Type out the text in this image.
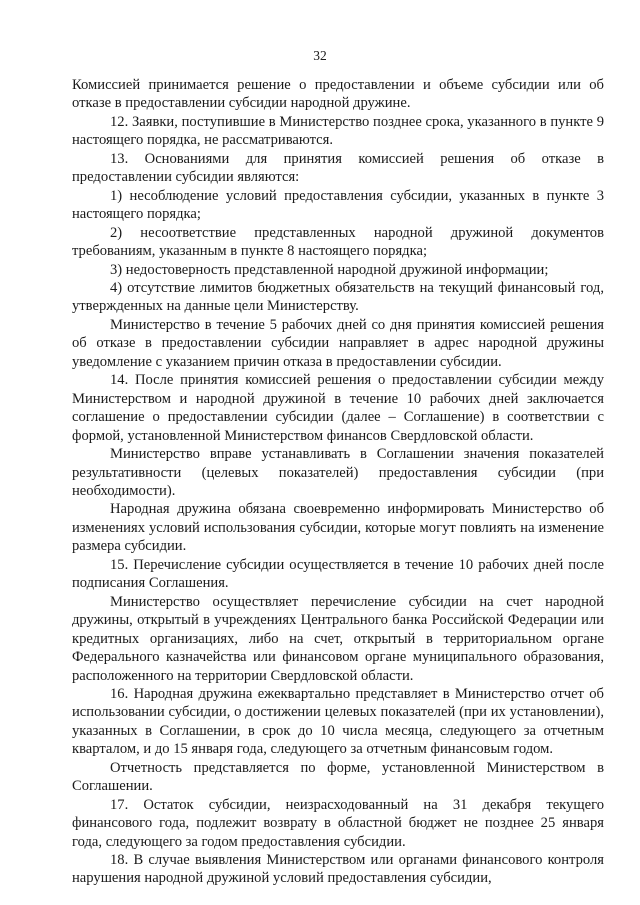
32

Комиссией принимается решение о предоставлении и объеме субсидии или об отказе в предоставлении субсидии народной дружине.

12. Заявки, поступившие в Министерство позднее срока, указанного в пункте 9 настоящего порядка, не рассматриваются.

13. Основаниями для принятия комиссией решения об отказе в предоставлении субсидии являются:

1) несоблюдение условий предоставления субсидии, указанных в пункте 3 настоящего порядка;

2) несоответствие представленных народной дружиной документов требованиям, указанным в пункте 8 настоящего порядка;

3) недостоверность представленной народной дружиной информации;

4) отсутствие лимитов бюджетных обязательств на текущий финансовый год, утвержденных на данные цели Министерству.

Министерство в течение 5 рабочих дней со дня принятия комиссией решения об отказе в предоставлении субсидии направляет в адрес народной дружины уведомление с указанием причин отказа в предоставлении субсидии.

14. После принятия комиссией решения о предоставлении субсидии между Министерством и народной дружиной в течение 10 рабочих дней заключается соглашение о предоставлении субсидии (далее – Соглашение) в соответствии с формой, установленной Министерством финансов Свердловской области.

Министерство вправе устанавливать в Соглашении значения показателей результативности (целевых показателей) предоставления субсидии (при необходимости).

Народная дружина обязана своевременно информировать Министерство об изменениях условий использования субсидии, которые могут повлиять на изменение размера субсидии.

15. Перечисление субсидии осуществляется в течение 10 рабочих дней после подписания Соглашения.

Министерство осуществляет перечисление субсидии на счет народной дружины, открытый в учреждениях Центрального банка Российской Федерации или кредитных организациях, либо на счет, открытый в территориальном органе Федерального казначейства или финансовом органе муниципального образования, расположенного на территории Свердловской области.

16. Народная дружина ежеквартально представляет в Министерство отчет об использовании субсидии, о достижении целевых показателей (при их установлении), указанных в Соглашении, в срок до 10 числа месяца, следующего за отчетным кварталом, и до 15 января года, следующего за отчетным финансовым годом.

Отчетность представляется по форме, установленной Министерством в Соглашении.

17. Остаток субсидии, неизрасходованный на 31 декабря текущего финансового года, подлежит возврату в областной бюджет не позднее 25 января года, следующего за годом предоставления субсидии.

18. В случае выявления Министерством или органами финансового контроля нарушения народной дружиной условий предоставления субсидии,
